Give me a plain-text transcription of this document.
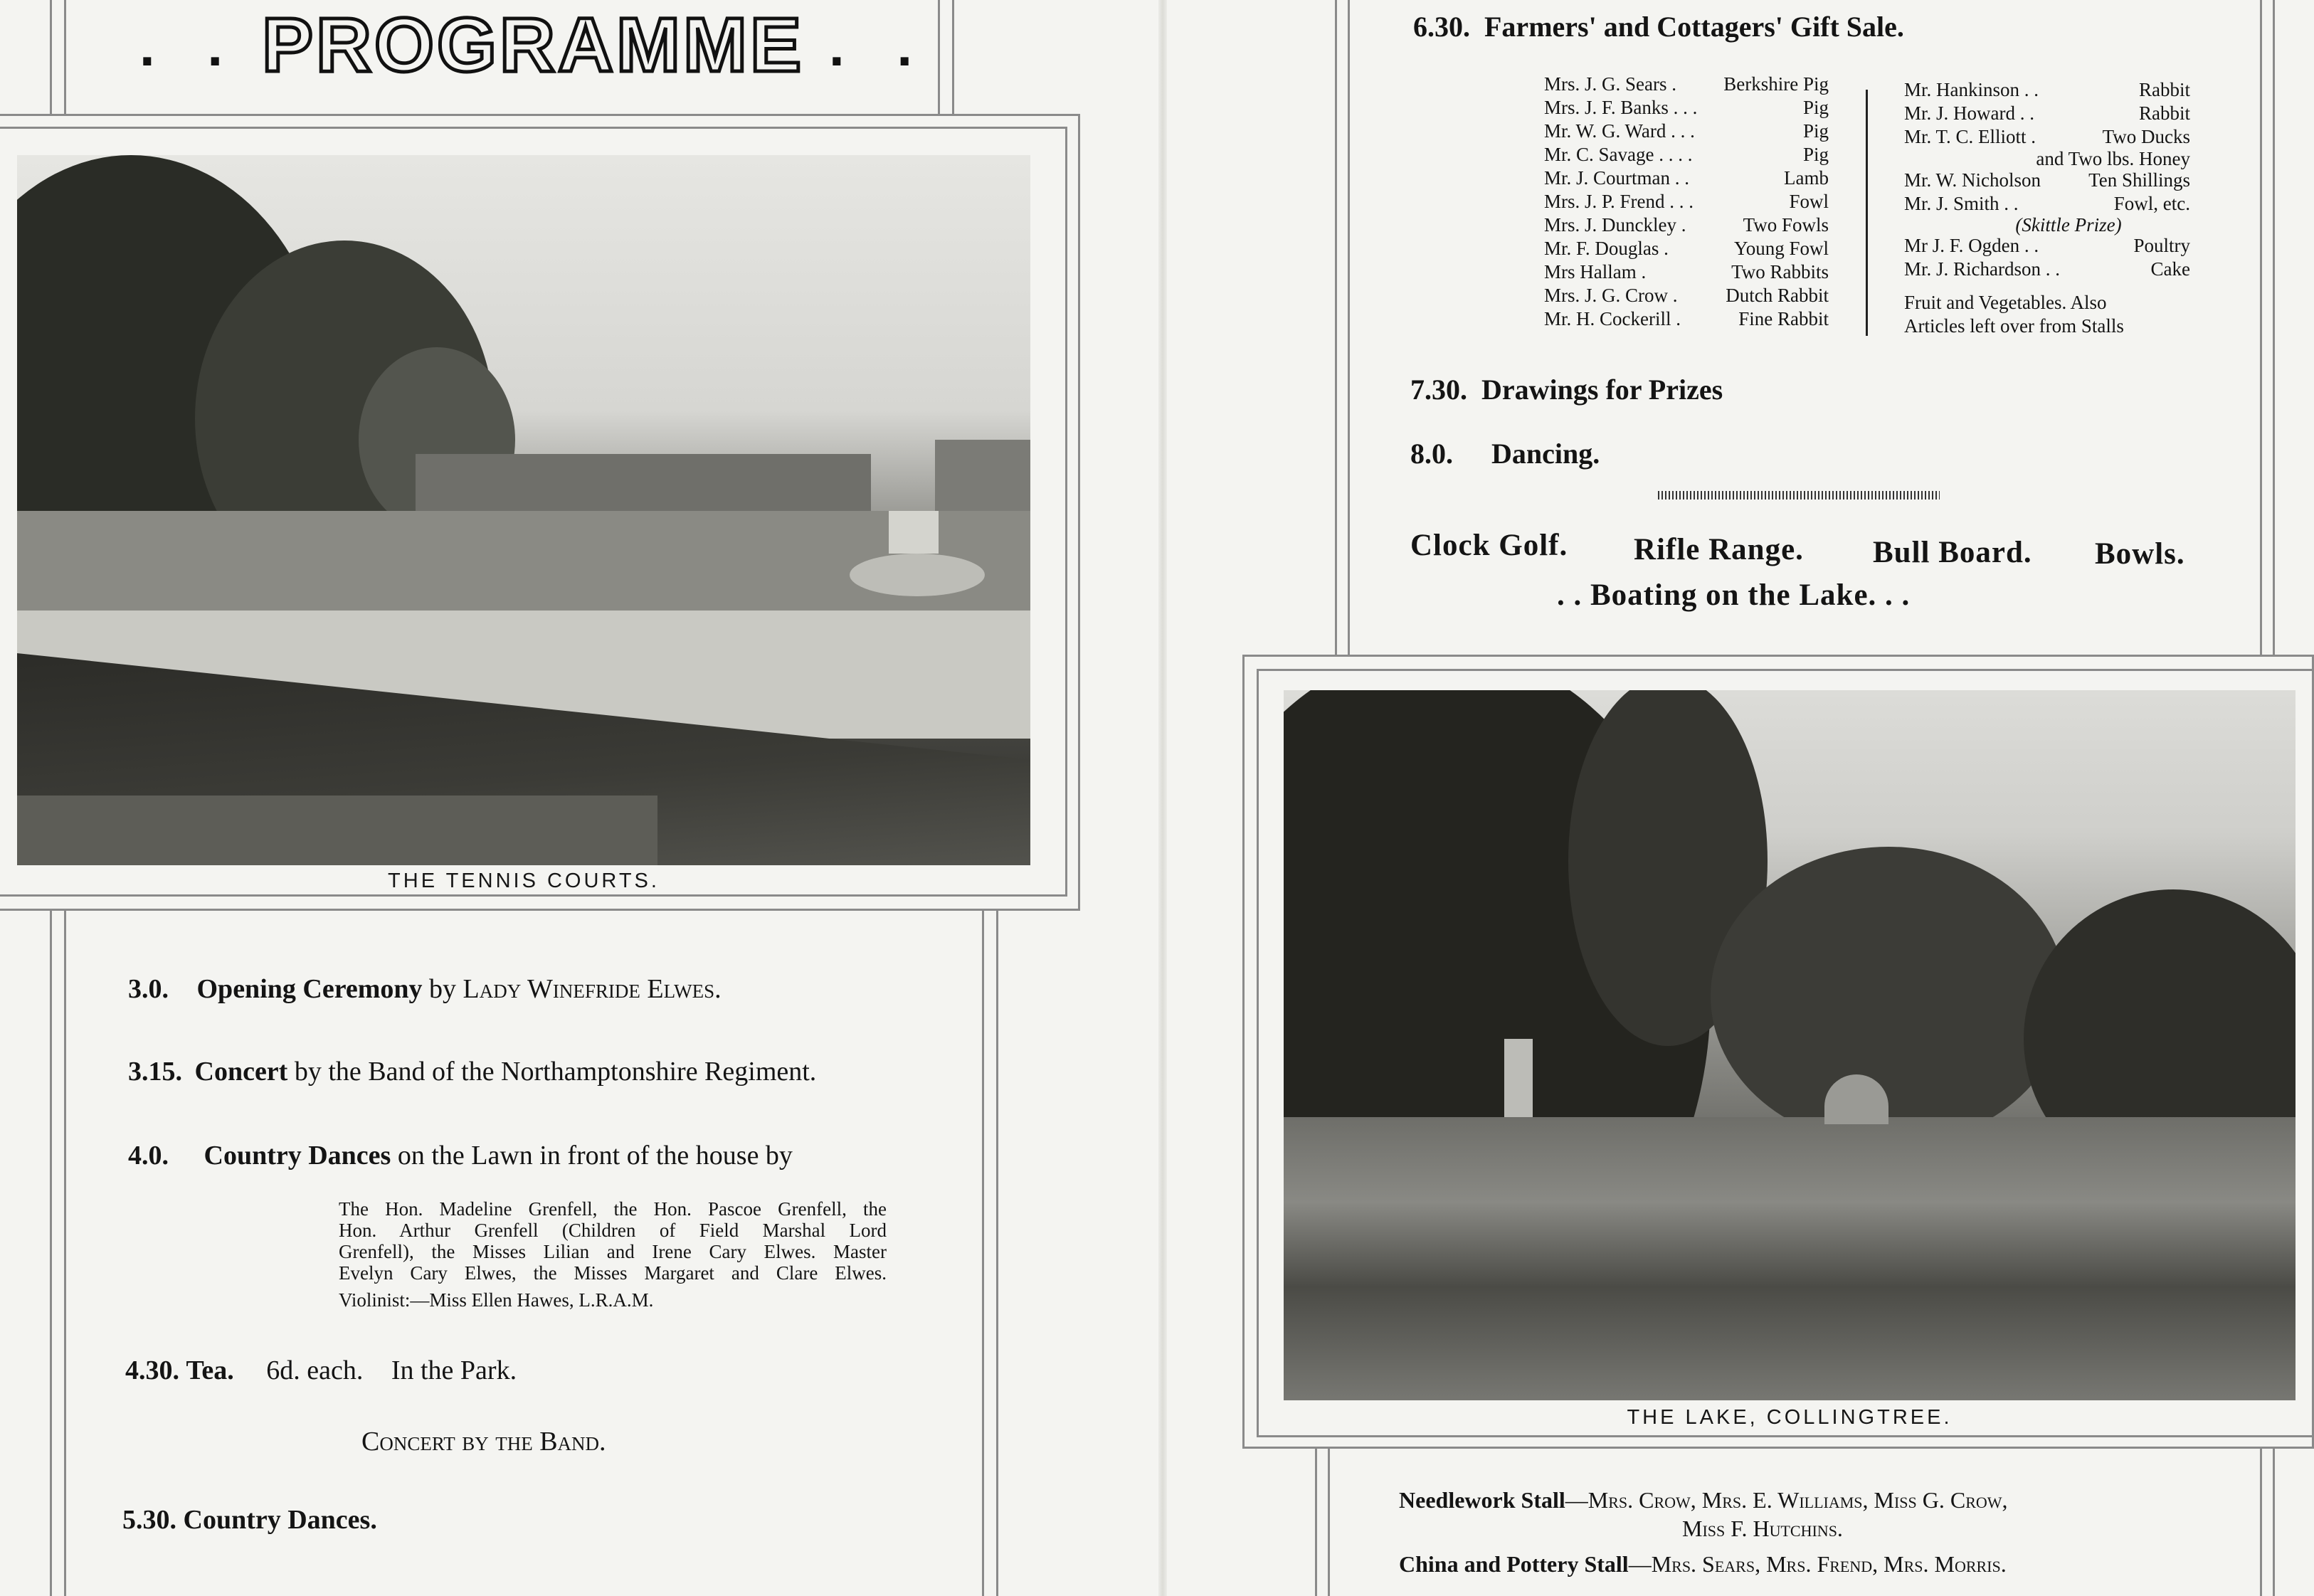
. . PROGRAMME . .
THE TENNIS COURTS.
3.0. Opening Ceremony by Lady Winefride Elwes.
3.15. Concert by the Band of the Northamptonshire Regiment.
4.0. Country Dances on the Lawn in front of the house by
The Hon. Madeline Grenfell, the Hon. Pascoe Grenfell, the
Hon. Arthur Grenfell (Children of Field Marshal Lord
Grenfell), the Misses Lilian and Irene Cary Elwes. Master
Evelyn Cary Elwes, the Misses Margaret and Clare Elwes.
Violinist:—Miss Ellen Hawes, L.R.A.M.
4.30. Tea. 6d. each. In the Park.
Concert by the Band.
5.30. Country Dances.
6.30. Farmers' and Cottagers' Gift Sale.
Mrs. J. G. Sears . Berkshire Pig
Mrs. J. F. Banks . . .	Pig
Mr. W. G. Ward . . .	Pig
Mr. C. Savage . . . .	Pig
Mr. J. Courtman . .	Lamb
Mrs. J. P. Frend . . .	Fowl
Mrs. J. Dunckley .	Two Fowls
Mr. F. Douglas .	Young Fowl
Mrs Hallam .	Two Rabbits
Mrs. J. G. Crow .	Dutch Rabbit
Mr. H. Cockerill .	Fine Rabbit
Mr. Hankinson . .	Rabbit
Mr. J. Howard . .	Rabbit
Mr. T. C. Elliott .	Two Ducks
and Two lbs. Honey
Mr. W. Nicholson Ten Shillings
Mr. J. Smith . .	Fowl, etc.
(Skittle Prize)
Mr J. F. Ogden . .	Poultry
Mr. J. Richardson . .	Cake
Fruit and Vegetables. Also
Articles left over from Stalls
7.30. Drawings for Prizes
8.0. Dancing.
Clock Golf. Rifle Range. Bull Board. Bowls.
. . Boating on the Lake. . .
THE LAKE, COLLINGTREE.
Needlework Stall—Mrs. Crow, Mrs. E. Williams, Miss G. Crow,
Miss F. Hutchins.
China and Pottery Stall—Mrs. Sears, Mrs. Frend, Mrs. Morris.
